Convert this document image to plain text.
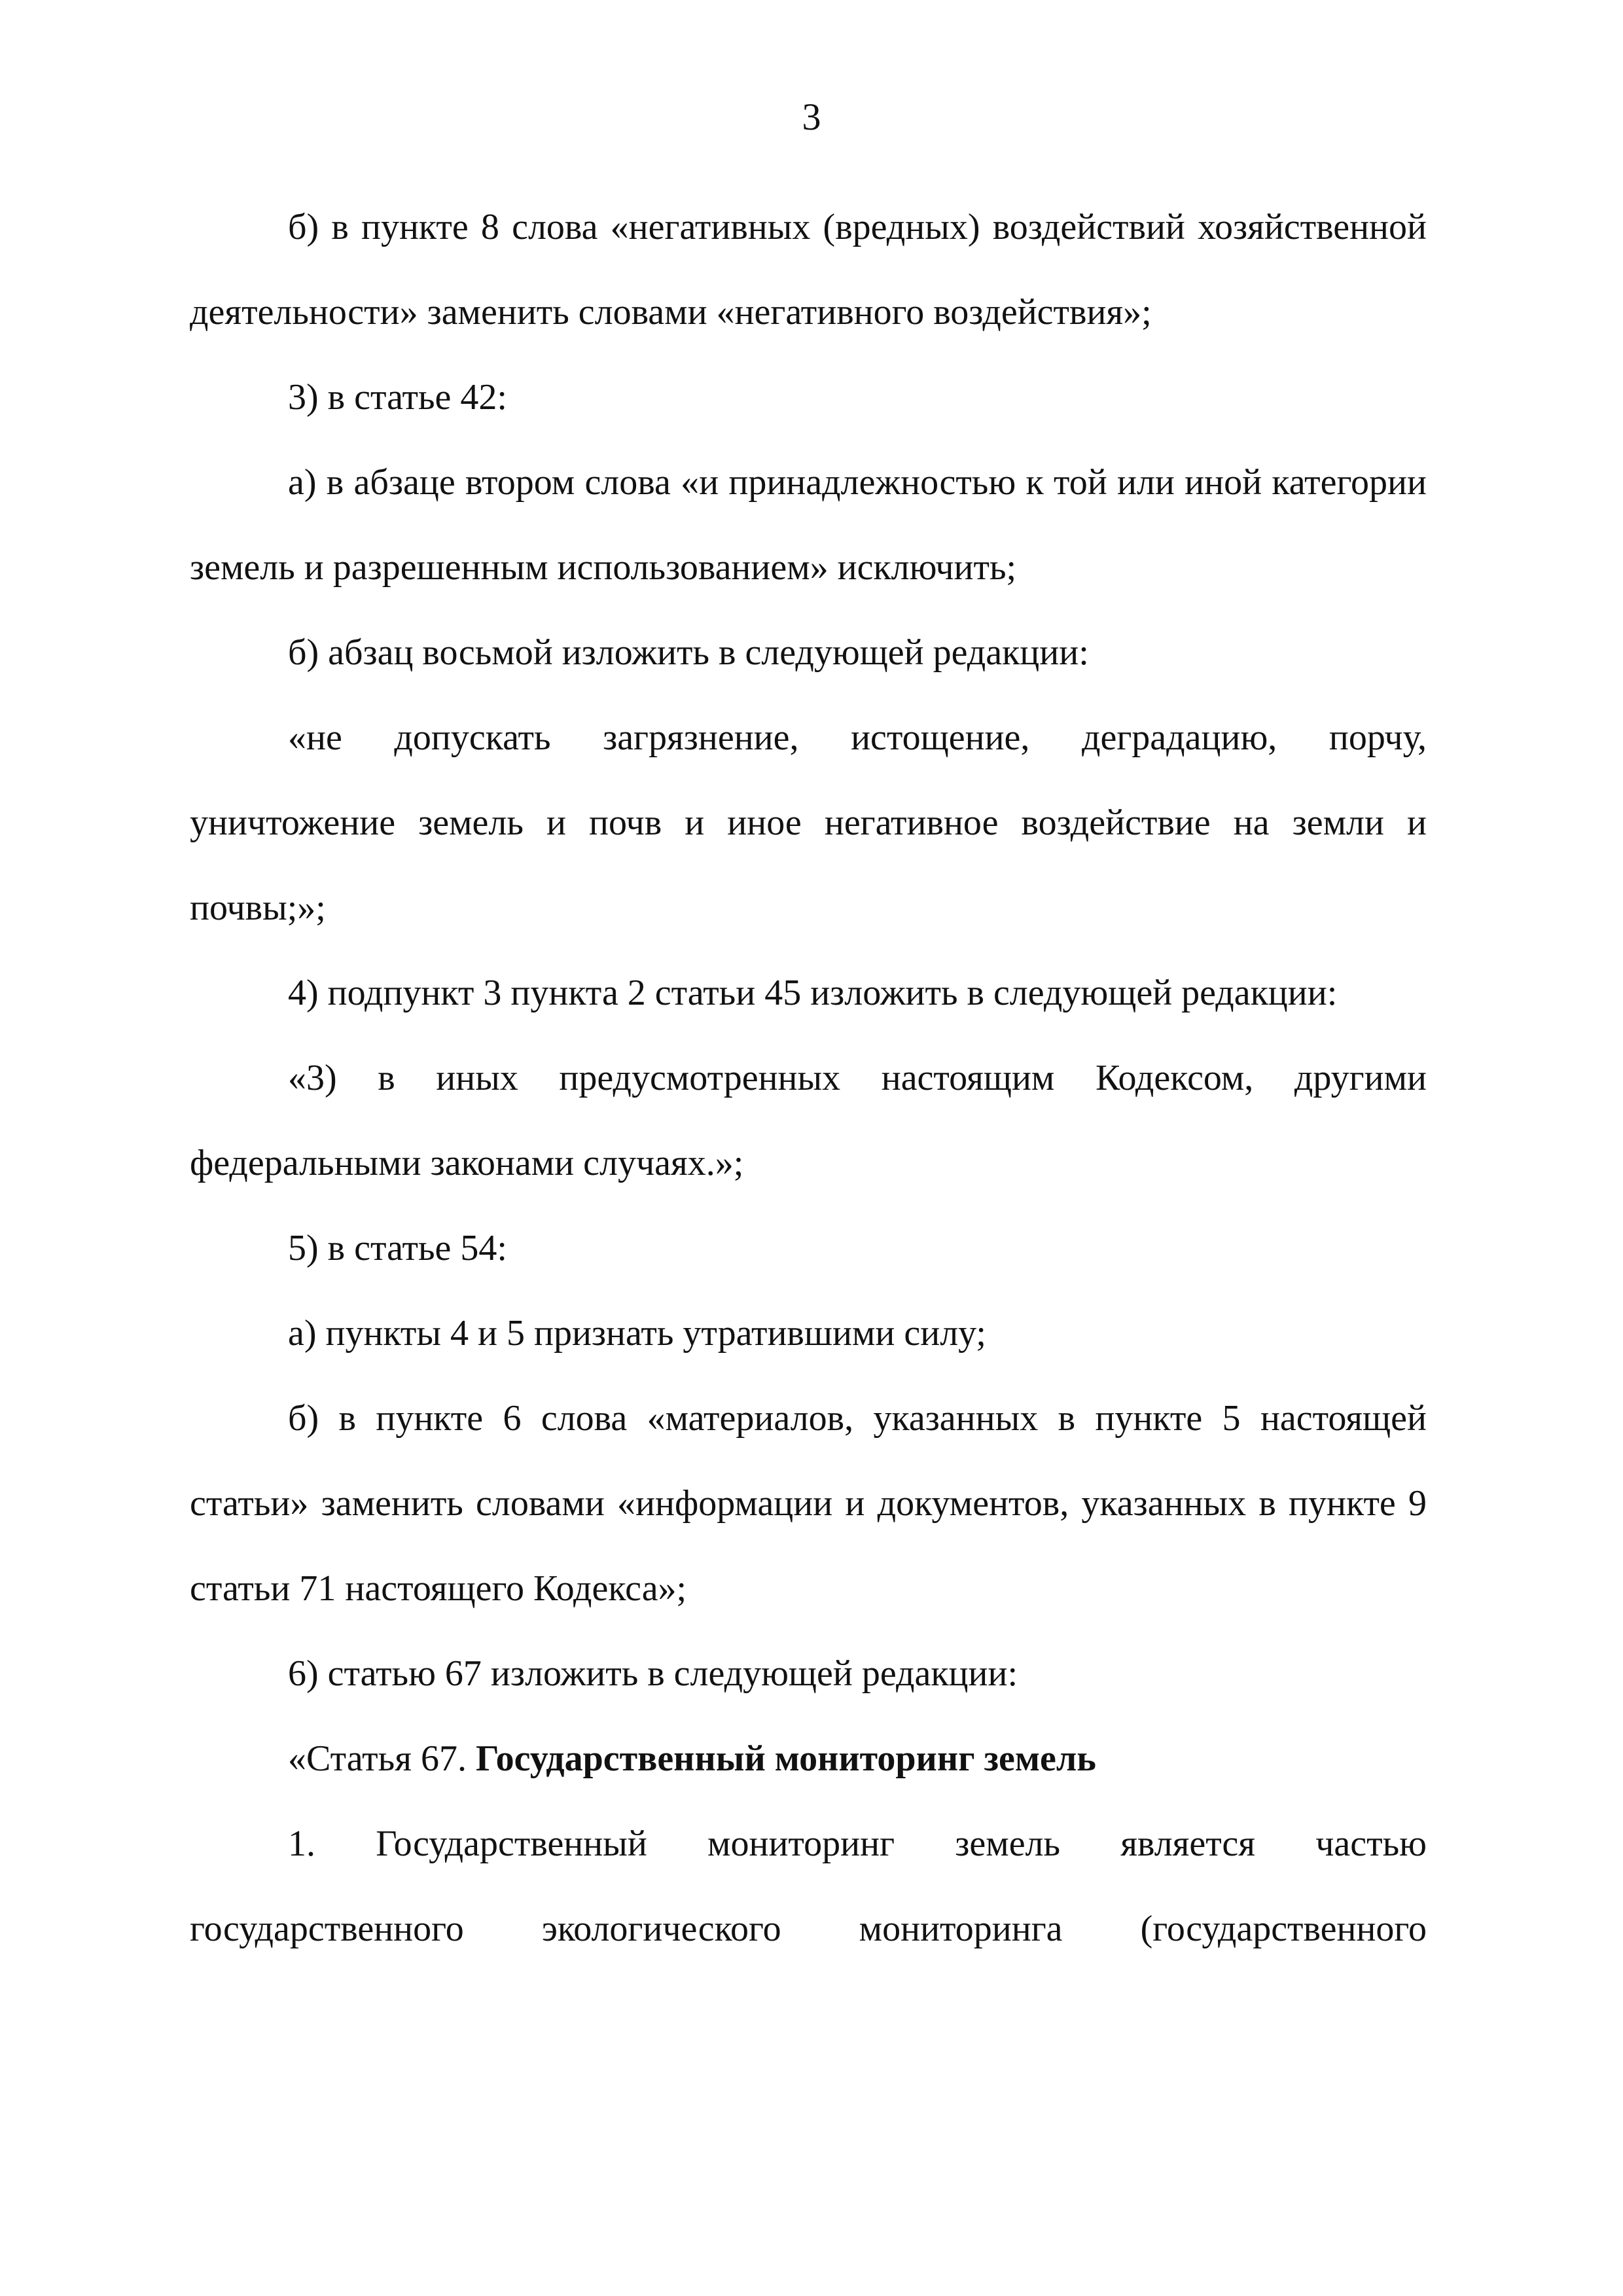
3

б) в пункте 8 слова «негативных (вредных) воздействий хозяйственной деятельности» заменить словами «негативного воздействия»;

3) в статье 42:

а) в абзаце втором слова «и принадлежностью к той или иной категории земель и разрешенным использованием» исключить;

б) абзац восьмой изложить в следующей редакции:

«не допускать загрязнение, истощение, деградацию, порчу, уничтожение земель и почв и иное негативное воздействие на земли и почвы;»;

4) подпункт 3 пункта 2 статьи 45 изложить в следующей редакции:

«3) в иных предусмотренных настоящим Кодексом, другими федеральными законами случаях.»;

5) в статье 54:

а) пункты 4 и 5 признать утратившими силу;

б) в пункте 6 слова «материалов, указанных в пункте 5 настоящей статьи» заменить словами «информации и документов, указанных в пункте 9 статьи 71 настоящего Кодекса»;

6) статью 67 изложить в следующей редакции:

«Статья 67. Государственный мониторинг земель

1. Государственный мониторинг земель является частью государственного экологического мониторинга (государственного
